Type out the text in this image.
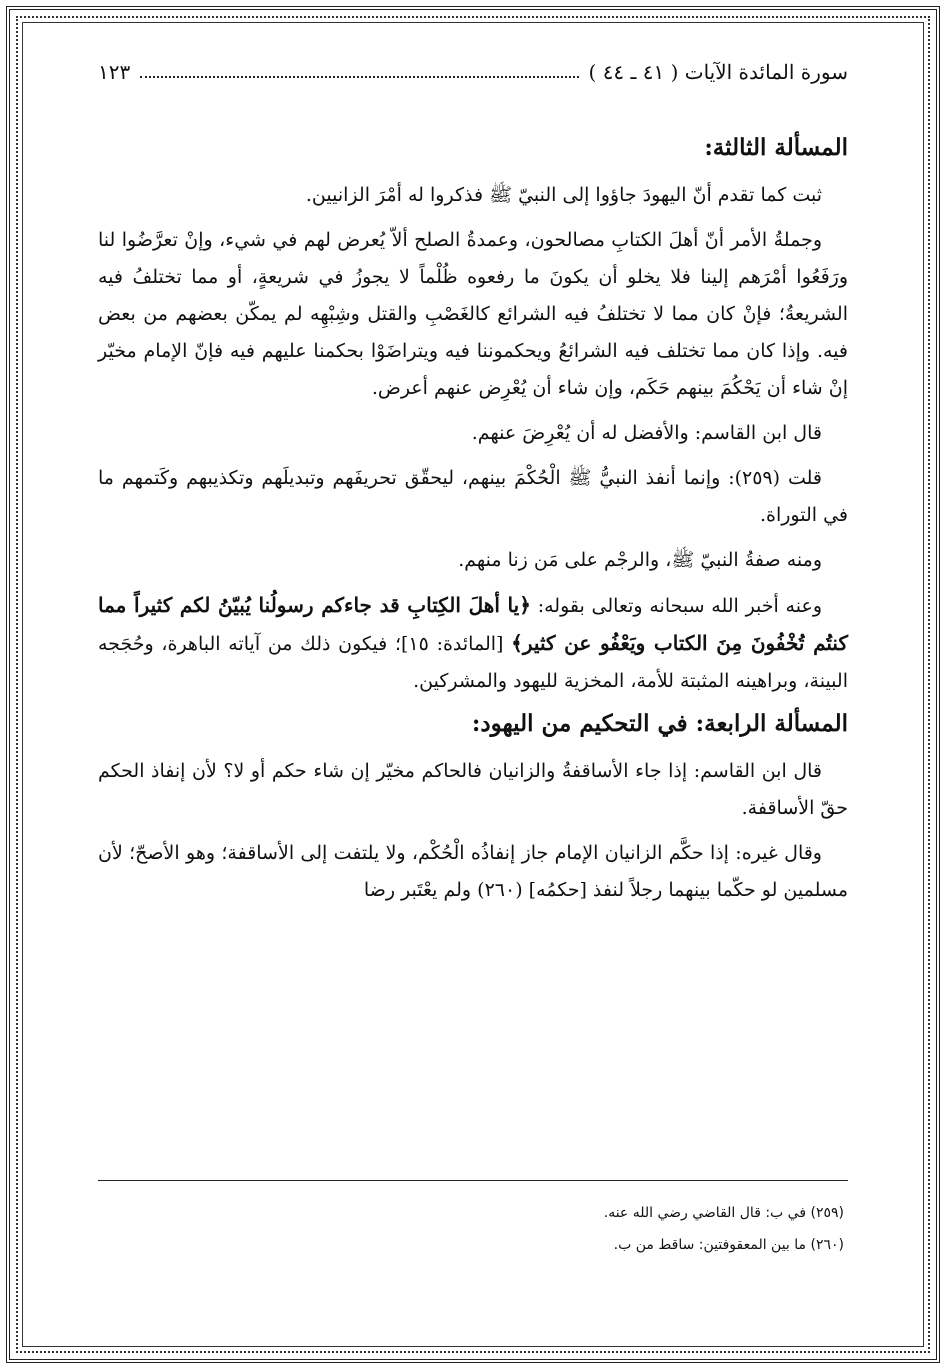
سورة المائدة الآيات ( ٤١ ـ ٤٤ )
١٢٣
المسألة الثالثة:

ثبت كما تقدم أنّ اليهودَ جاؤوا إلى النبيّ ﷺ فذكروا له أمْرَ الزانيين.

وجملةُ الأمر أنّ أهلَ الكتابِ مصالحون، وعمدةُ الصلح ألاّ يُعرض لهم في شيء، وإنْ تعرَّضُوا لنا ورَفَعُوا أمْرَهم إلينا فلا يخلو أن يكونَ ما رفعوه ظُلْماً لا يجوزُ في شريعةٍ، أو مما تختلفُ فيه الشريعةُ؛ فإنْ كان مما لا تختلفُ فيه الشرائع كالغَصْبِ والقتل وشِبْهِه لم يمكّن بعضهم من بعض فيه. وإذا كان مما تختلف فيه الشرائعُ ويحكموننا فيه ويتراضَوْا بحكمنا عليهم فيه فإنّ الإمام مخيّر إنْ شاء أن يَحْكُمَ بينهم حَكَم، وإن شاء أن يُعْرِض عنهم أعرض.

قال ابن القاسم: والأفضل له أن يُعْرِضَ عنهم.

قلت (٢٥٩): وإنما أنفذ النبيُّ ﷺ الْحُكْمَ بينهم، ليحقّق تحريفَهم وتبديلَهم وتكذيبهم وكَتمهم ما في التوراة.

ومنه صفةُ النبيّ ﷺ، والرجْم على مَن زنا منهم.

وعنه أخبر الله سبحانه وتعالى بقوله: ﴿يا أهلَ الكِتابِ قد جاءكم رسولُنا يُبيّنُ لكم كثيراً مما كنتُم تُخْفُونَ مِنَ الكتاب ويَعْفُو عن كثير﴾ [المائدة: ١٥]؛ فيكون ذلك من آياته الباهرة، وحُجَجه البينة، وبراهينه المثبتة للأمة، المخزية لليهود والمشركين.

المسألة الرابعة: في التحكيم من اليهود:

قال ابن القاسم: إذا جاء الأساقفةُ والزانيان فالحاكم مخيّر إن شاء حكم أو لا؟ لأن إنفاذ الحكم حقّ الأساقفة.

وقال غيره: إذا حكَّم الزانيان الإمام جاز إنفاذُه الْحُكْم، ولا يلتفت إلى الأساقفة؛ وهو الأصحّ؛ لأن مسلمين لو حكّما بينهما رجلاً لنفذ [حكمُه] (٢٦٠) ولم يعْتَبر رضا

(٢٥٩) في ب: قال القاضي رضي الله عنه.
(٢٦٠) ما بين المعقوفتين: ساقط من ب.
